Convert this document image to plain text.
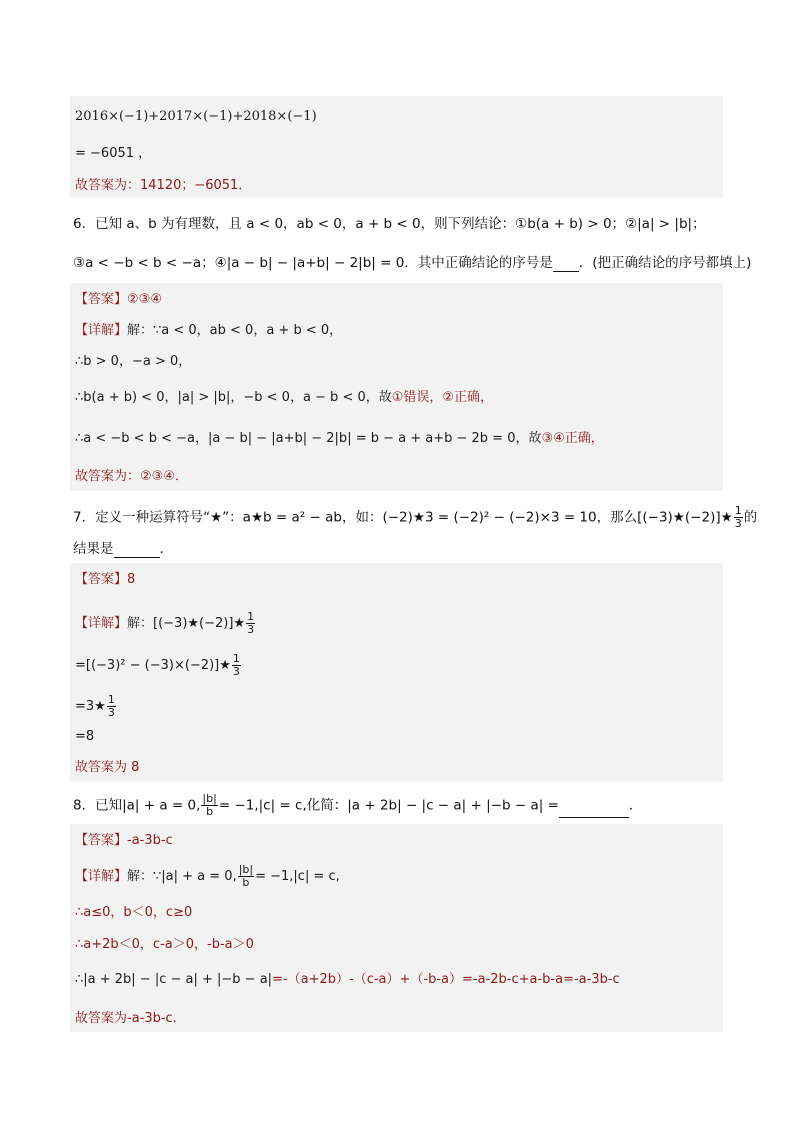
2016×(−1)+2017×(−1)+2018×(−1)
= −6051 ，
故答案为：14120；−6051．
6．已知 a、b 为有理数，且 a < 0，ab < 0，a + b < 0，则下列结论：①b(a + b) > 0；②|a| > |b|；
③a < −b < b < −a；④|a − b| − |a+b| − 2|b| = 0．其中正确结论的序号是 ．(把正确结论的序号都填上)
【答案】②③④
【详解】解：∵a < 0，ab < 0，a + b < 0，
∴b > 0，−a > 0，
∴b(a + b) < 0，|a| > |b|，−b < 0，a − b < 0，故①错误，②正确，
∴a < −b < b < −a，|a − b| − |a+b| − 2|b| = b − a + a+b − 2b = 0，故③④正确，
故答案为：②③④．
7．定义一种运算符号“★”：a★b = a² − ab，如：(−2)★3 = (−2)² − (−2)×3 = 10，那么[(−3)★(−2)]★ $\frac{1}{3}$ 的
结果是	．
【答案】8
【详解】解：[(−3)★(−2)]★ $\frac{1}{3}$
=[(−3)² − (−3)×(−2)]★ $\frac{1}{3}$
=3★ $\frac{1}{3}$
=8
故答案为 8
8．已知|a| + a = 0, $\frac{|b|}{b} = -1,|c| = c$,化简：|a + 2b| − |c − a| + |−b − a| =	．
【答案】-a-3b-c
【详解】解：∵|a| + a = 0, $\frac{|b|}{b} = -1,|c| = c$,
∴a≤0，b＜0，c≥0
∴a+2b＜0，c-a＞0，-b-a＞0
∴|a + 2b| − |c − a| + |−b − a|=-（a+2b）-（c-a）+（-b-a）=-a-2b-c+a-b-a=-a-3b-c
故答案为-a-3b-c.
